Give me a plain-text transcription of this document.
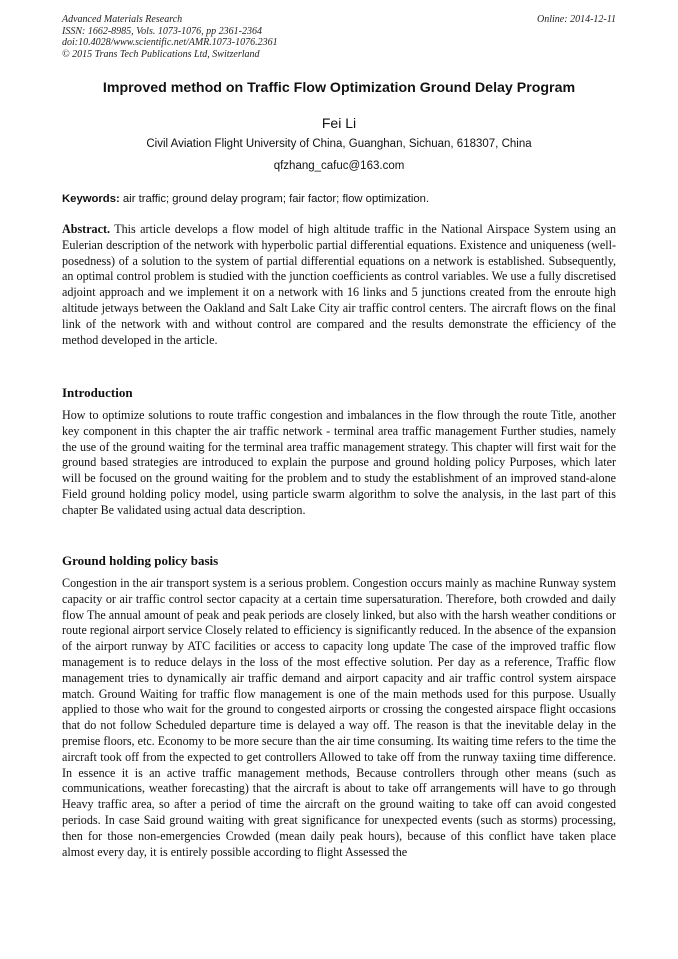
Advanced Materials Research
ISSN: 1662-8985, Vols. 1073-1076, pp 2361-2364
doi:10.4028/www.scientific.net/AMR.1073-1076.2361
© 2015 Trans Tech Publications Ltd, Switzerland
Online: 2014-12-11
Improved method on Traffic Flow Optimization Ground Delay Program
Fei Li
Civil Aviation Flight University of China, Guanghan, Sichuan, 618307, China
qfzhang_cafuc@163.com
Keywords: air traffic; ground delay program; fair factor; flow optimization.
Abstract. This article develops a flow model of high altitude traffic in the National Airspace System using an Eulerian description of the network with hyperbolic partial differential equations. Existence and uniqueness (well-posedness) of a solution to the system of partial differential equations on a network is established. Subsequently, an optimal control problem is studied with the junction coefficients as control variables. We use a fully discretised adjoint approach and we implement it on a network with 16 links and 5 junctions created from the enroute high altitude jetways between the Oakland and Salt Lake City air traffic control centers. The aircraft flows on the final link of the network with and without control are compared and the results demonstrate the efficiency of the method developed in the article.
Introduction
How to optimize solutions to route traffic congestion and imbalances in the flow through the route Title, another key component in this chapter the air traffic network - terminal area traffic management Further studies, namely the use of the ground waiting for the terminal area traffic management strategy. This chapter will first wait for the ground based strategies are introduced to explain the purpose and ground holding policy Purposes, which later will be focused on the ground waiting for the problem and to study the establishment of an improved stand-alone Field ground holding policy model, using particle swarm algorithm to solve the analysis, in the last part of this chapter Be validated using actual data description.
Ground holding policy basis
Congestion in the air transport system is a serious problem. Congestion occurs mainly as machine Runway system capacity or air traffic control sector capacity at a certain time supersaturation. Therefore, both crowded and daily flow The annual amount of peak and peak periods are closely linked, but also with the harsh weather conditions or route regional airport service Closely related to efficiency is significantly reduced. In the absence of the expansion of the airport runway by ATC facilities or access to capacity long update The case of the improved traffic flow management is to reduce delays in the loss of the most effective solution. Per day as a reference, Traffic flow management tries to dynamically air traffic demand and airport capacity and air traffic control system airspace match. Ground Waiting for traffic flow management is one of the main methods used for this purpose. Usually applied to those who wait for the ground to congested airports or crossing the congested airspace flight occasions that do not follow Scheduled departure time is delayed a way off. The reason is that the inevitable delay in the premise floors, etc. Economy to be more secure than the air time consuming. Its waiting time refers to the time the aircraft took off from the expected to get controllers Allowed to take off from the runway taxiing time difference. In essence it is an active traffic management methods, Because controllers through other means (such as communications, weather forecasting) that the aircraft is about to take off arrangements will have to go through Heavy traffic area, so after a period of time the aircraft on the ground waiting to take off can avoid congested periods. In case Said ground waiting with great significance for unexpected events (such as storms) processing, then for those non-emergencies Crowded (mean daily peak hours), because of this conflict have taken place almost every day, it is entirely possible according to flight Assessed the
